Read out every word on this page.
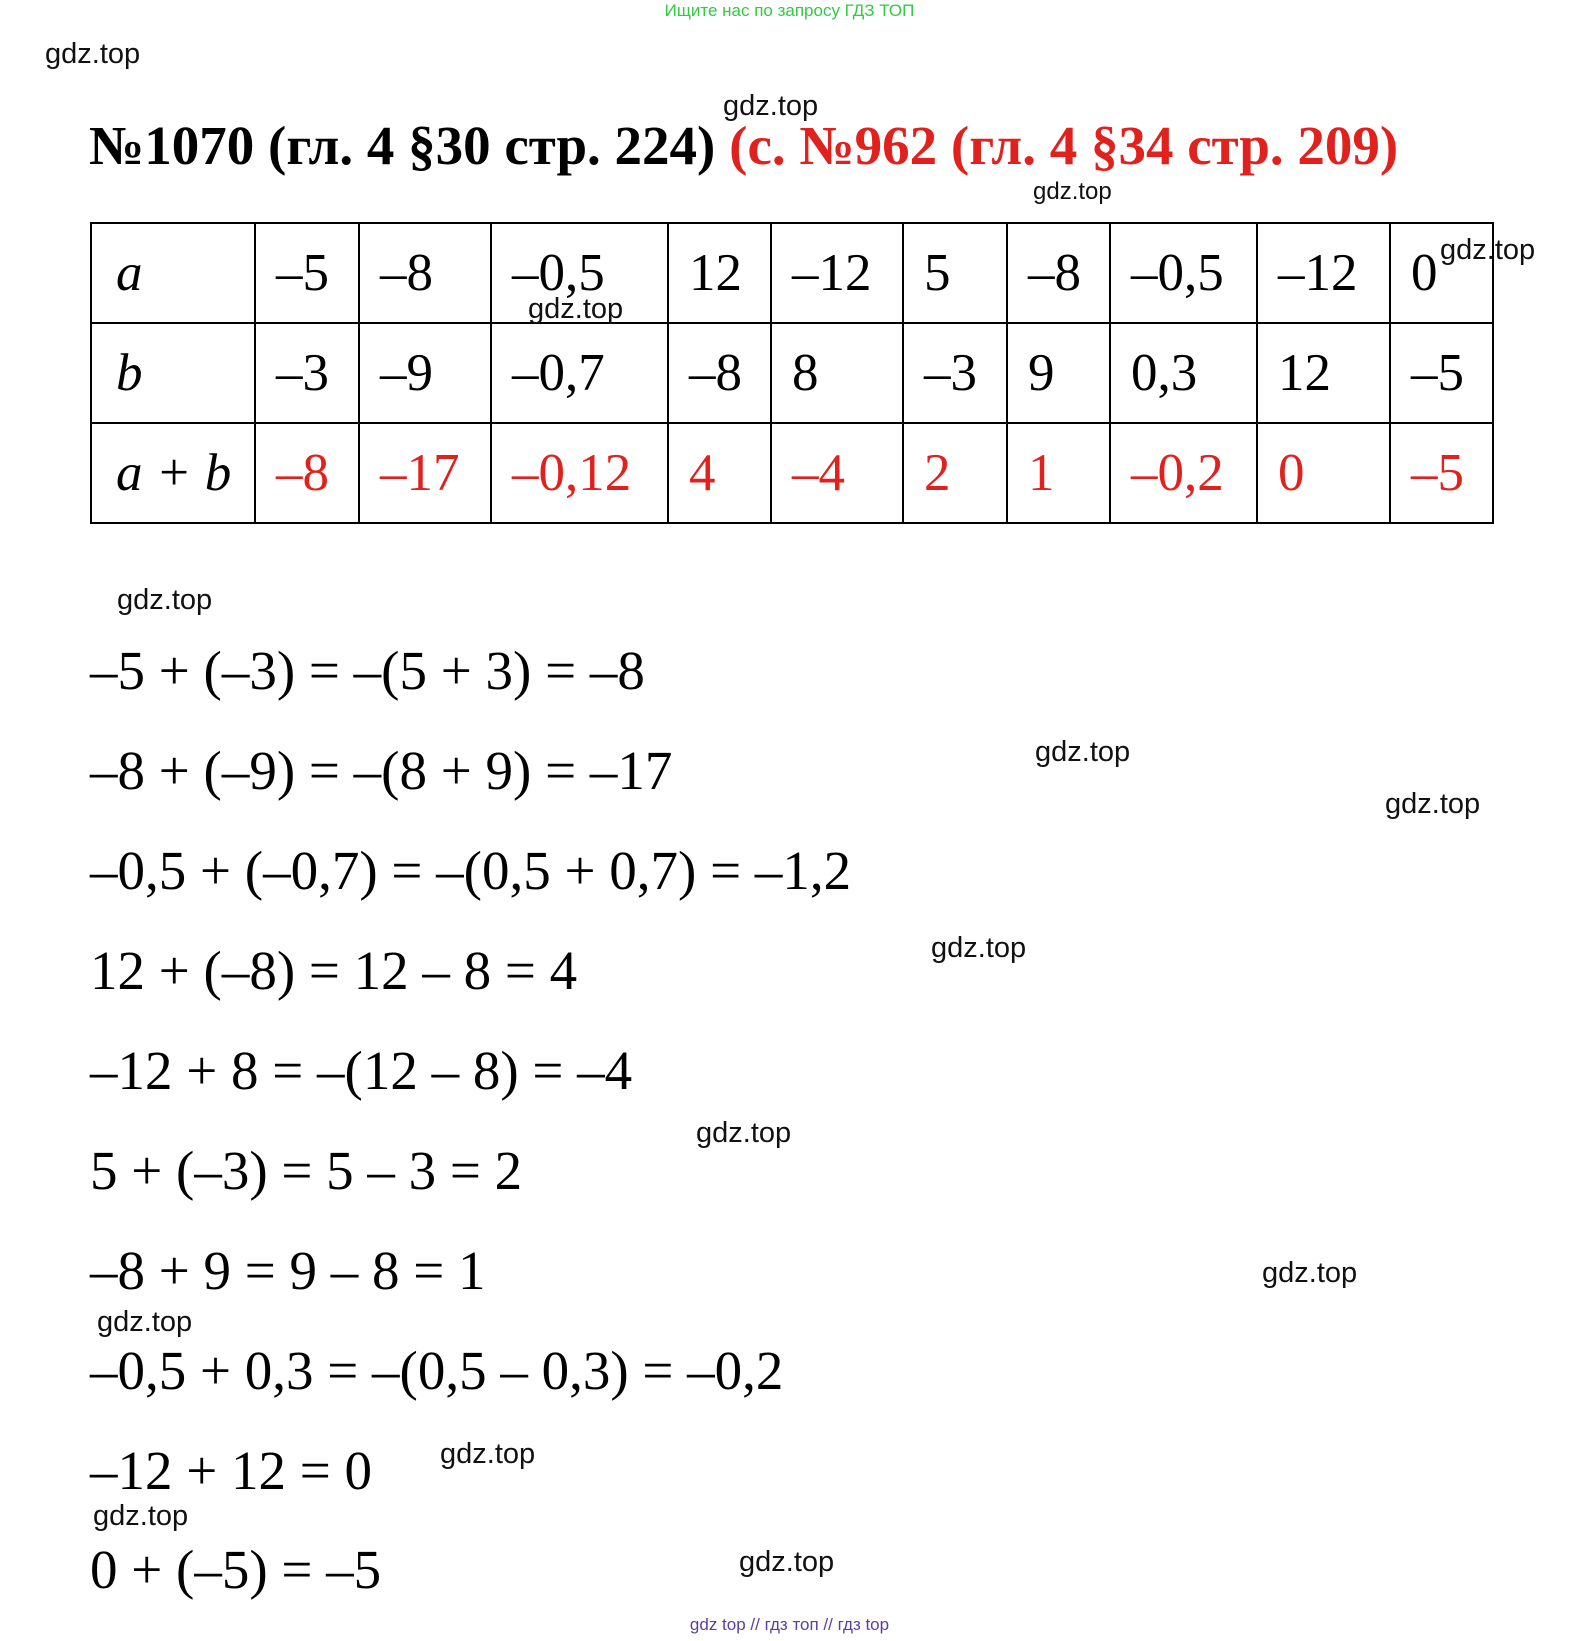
Ищите нас по запросу ГДЗ ТОП
№1070 (гл. 4 §30 стр. 224) (с. №962 (гл. 4 §34 стр. 209)
a	–5	–8	–0,5	12	–12	5	–8	–0,5	–12	0
b	–3	–9	–0,7	–8	8	–3	9	0,3	12	–5
a + b	–8	–17	–0,12	4	–4	2	1	–0,2	0	–5
–5 + (–3) = –(5 + 3) = –8
–8 + (–9) = –(8 + 9) = –17
–0,5 + (–0,7) = –(0,5 + 0,7) = –1,2
12 + (–8) = 12 – 8 = 4
–12 + 8 = –(12 – 8) = –4
5 + (–3) = 5 – 3 = 2
–8 + 9 = 9 – 8 = 1
–0,5 + 0,3 = –(0,5 – 0,3) = –0,2
–12 + 12 = 0
0 + (–5) = –5
gdz.top
gdz.top
gdz.top
gdz.top
gdz.top
gdz.top
gdz.top
gdz.top
gdz.top
gdz.top
gdz.top
gdz.top
gdz.top
gdz.top
gdz.top
gdz top // гдз топ // гдз top
